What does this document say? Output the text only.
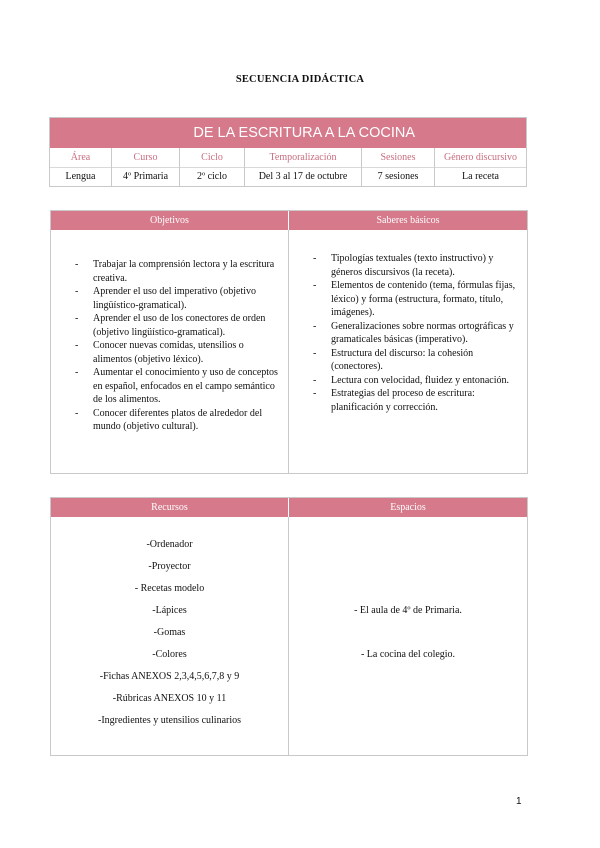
SECUENCIA DIDÁCTICA
DE LA ESCRITURA A LA COCINA
Área
Lengua
Curso
4º Primaria
Ciclo
2º ciclo
Temporalización
Del 3 al 17 de octubre
Sesiones
7 sesiones
Género discursivo
La receta
Objetivos	Saberes básicos
- Trabajar la comprensión lectora y la escritura creativa.
- Aprender el uso del imperativo (objetivo lingüístico-gramatical).
- Aprender el uso de los conectores de orden (objetivo lingüístico-gramatical).
- Conocer nuevas comidas, utensilios o alimentos (objetivo léxico).
- Aumentar el conocimiento y uso de conceptos en español, enfocados en el campo semántico de los alimentos.
- Conocer diferentes platos de alrededor del mundo (objetivo cultural).
- Tipologías textuales (texto instructivo) y géneros discursivos (la receta).
- Elementos de contenido (tema, fórmulas fijas, léxico) y forma (estructura, formato, título, imágenes).
- Generalizaciones sobre normas ortográficas y gramaticales básicas (imperativo).
- Estructura del discurso: la cohesión (conectores).
- Lectura con velocidad, fluidez y entonación.
- Estrategias del proceso de escritura: planificación y corrección.
Recursos	Espacios
-Ordenador
-Proyector
- Recetas modelo
-Lápices
-Gomas
-Colores
-Fichas ANEXOS 2,3,4,5,6,7,8 y 9
-Rúbricas ANEXOS 10 y 11
-Ingredientes y utensilios culinarios
- El aula de 4º de Primaria.
- La cocina del colegio.
1
